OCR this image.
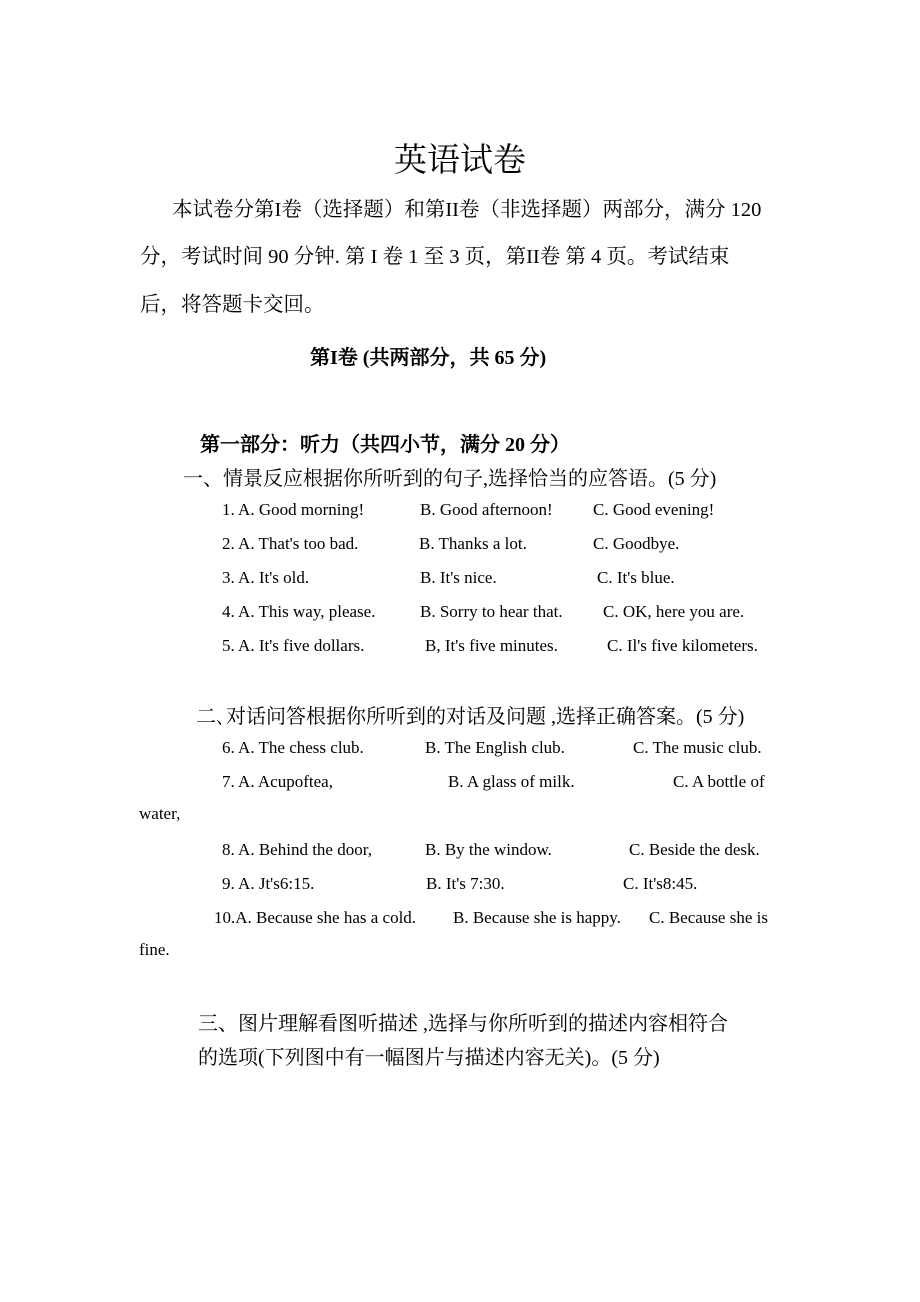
英语试卷
本试卷分第I卷（选择题）和第II卷（非选择题）两部分，满分 120
分，考试时间 90 分钟. 第 I 卷 1 至 3 页，第II卷 第 4 页。考试结束
后，将答题卡交回。
第I卷 (共两部分，共 65 分)
第一部分：听力（共四小节，满分 20 分）
一、情景反应根据你所听到的句子,选择恰当的应答语。(5 分)
1. A. Good morning!	B. Good afternoon! C. Good evening!
2. A. That's too bad.	B. Thanks a lot.	C. Goodbye.
3. A. It's old.	B. It's nice.	C. It's blue.
4. A. This way, please.	B. Sorry to hear that. C. OK, here you are.
5. A. It's five dollars.	B, It's five minutes.	C. Il's five kilometers.
二､对话问答根据你所听到的对话及问题 ,选择正确答案。(5 分)
6. A. The chess club.	B. The English club.	C. The music club.
7. A. Acupoftea,	B. A glass of milk.	C. A bottle of
water,
8. A. Behind the door,	B. By the window.	C. Beside the desk.
9. A. Jt's6:15.	B. It's 7:30.	C. It's8:45.
10.A. Because she has a cold. B. Because she is happy. C. Because she is
fine.
三、图片理解看图听描述 ,选择与你所听到的描述内容相符合
的选项(下列图中有一幅图片与描述内容无关)。(5 分)
